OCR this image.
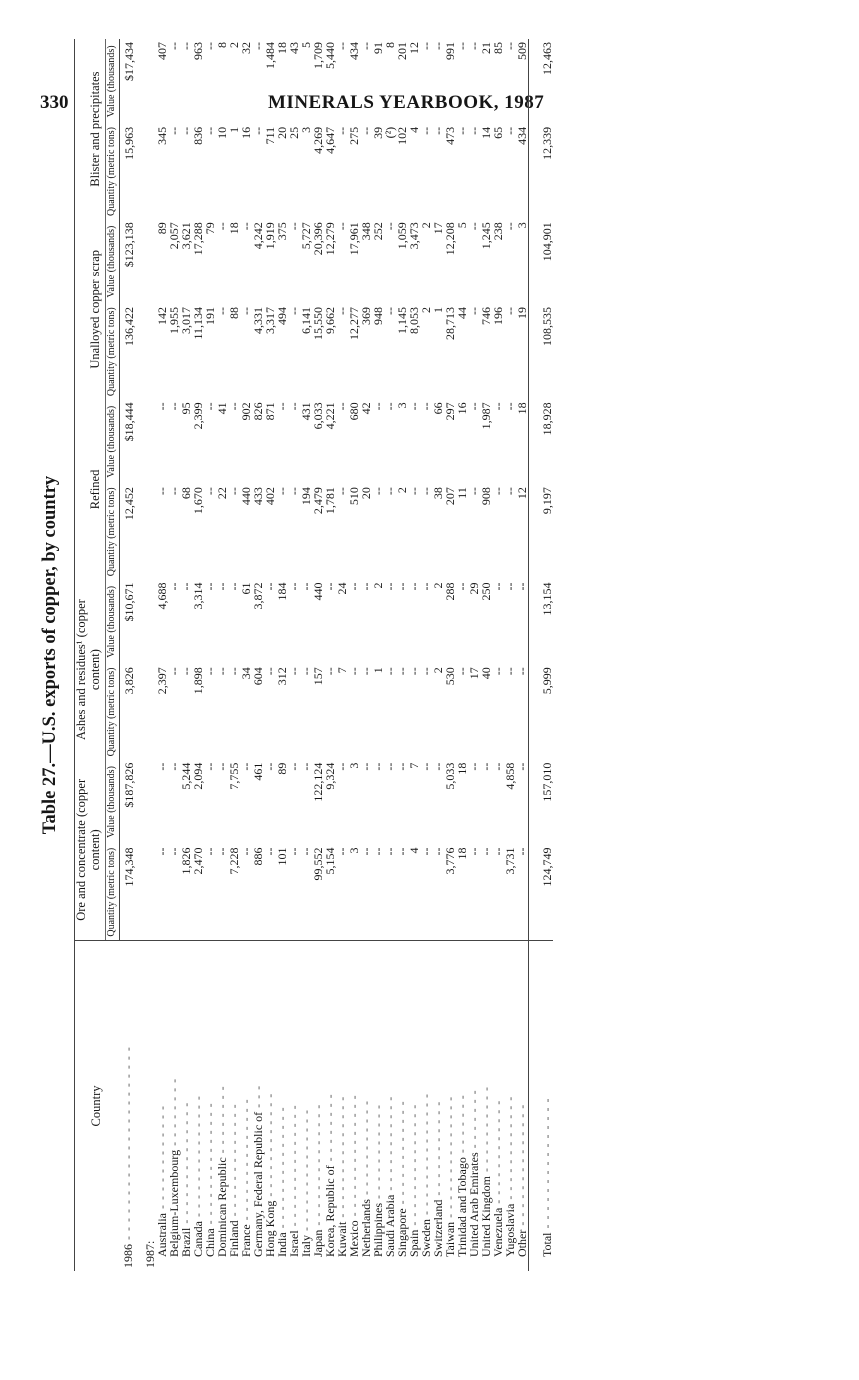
330	MINERALS YEARBOOK, 1987
Table 27.—U.S. exports of copper, by country
Country	Ore and concentrate (copper content)		Ashes and residues¹ (copper content)		Refined		Unalloyed copper scrap		Blister and precipitates	
	Quantity (metric tons)	Value (thousands)	Quantity (metric tons)	Value (thousands)	Quantity (metric tons)	Value (thousands)	Quantity (metric tons)	Value (thousands)	Quantity (metric tons)	Value (thousands)
1986 - - - - - - - - - - - - - - - - - - - - - -	174,348	$187,826	3,826	$10,671	12,452	$18,444	136,422	$123,138	15,963	$17,434
1987:										
Australia - - - - - - - - - - - -	--	--	2,397	4,688	--	--	142	89	345	407
Belgium-Luxembourg - - - - - - - -	--	--	--	--	--	--	1,955	2,057	--	--
Brazil - - - - - - - - - - - - - -	1,826	5,244	--	--	68	95	3,017	3,621	--	--
Canada - - - - - - - - - - - - - -	2,470	2,094	1,898	3,314	1,670	2,399	11,134	17,288	836	963
China - - - - - - - - - - - - - -	--	--	--	--	--	--	191	79	--	--
Dominican Republic - - - - - - - -	--	--	--	--	22	41	--	--	10	8
Finland - - - - - - - - - - - - -	7,228	7,755	--	--	--	--	88	18	1	2
France - - - - - - - - - - - - - -	--	--	34	61	440	902	--	--	16	32
Germany, Federal Republic of - - -	886	461	604	3,872	433	826	4,331	4,242	--	--
Hong Kong - - - - - - - - - - - -	--	--	--	--	402	871	3,317	1,919	711	1,484
India - - - - - - - - - - - - - -	101	89	312	184	--	--	494	375	20	18
Israel - - - - - - - - - - - - - -	--	--	--	--	--	--	--	--	25	43
Italy - - - - - - - - - - - - - -	--	--	--	--	194	431	6,141	5,727	3	5
Japan - - - - - - - - - - - - - -	99,552	122,124	157	440	2,479	6,033	15,550	20,396	4,269	1,709
Korea, Republic of - - - - - - - -	5,154	9,324	--	--	1,781	4,221	9,662	12,279	4,647	5,440
Kuwait - - - - - - - - - - - - - -	--	--	7	24	--	--	--	--	--	--
Mexico - - - - - - - - - - - - - -	3	3	--	--	510	680	12,277	17,961	275	434
Netherlands - - - - - - - - - - -	--	--	--	--	20	42	369	348	--	--
Philippines - - - - - - - - - - -	--	--	1	2	--	--	948	252	39	91
Saudi Arabia - - - - - - - - - - -	--	--	--	--	--	--	--	--	(²)	8
Singapore - - - - - - - - - - - -	--	--	--	--	2	3	1,145	1,059	102	201
Spain - - - - - - - - - - - - - -	4	7	--	--	--	--	8,053	3,473	4	12
Sweden - - - - - - - - - - - - - -	--	--	--	--	--	--	2	2	--	--
Switzerland - - - - - - - - - - -	--	--	2	2	38	66	1	17	--	--
Taiwan - - - - - - - - - - - - - -	3,776	5,033	530	288	207	297	28,713	12,208	473	991
Trinidad and Tobago - - - - - - -	18	18	--	--	11	16	44	5	--	--
United Arab Emirates - - - - - - -	--	--	17	29	--	--	--	--	--	--
United Kingdom - - - - - - - - - -	--	--	40	250	908	1,987	746	1,245	14	21
Venezuela - - - - - - - - - - - -	--	--	--	--	--	--	196	238	65	85
Yugoslavia - - - - - - - - - - - -	3,731	4,858	--	--	--	--	--	--	--	--
Other - - - - - - - - - - - - - -	--	--	--	--	12	18	19	3	434	509
Total - - - - - - - - - - - - - - -	124,749	157,010	5,999	13,154	9,197	18,928	108,535	104,901	12,339	12,463
